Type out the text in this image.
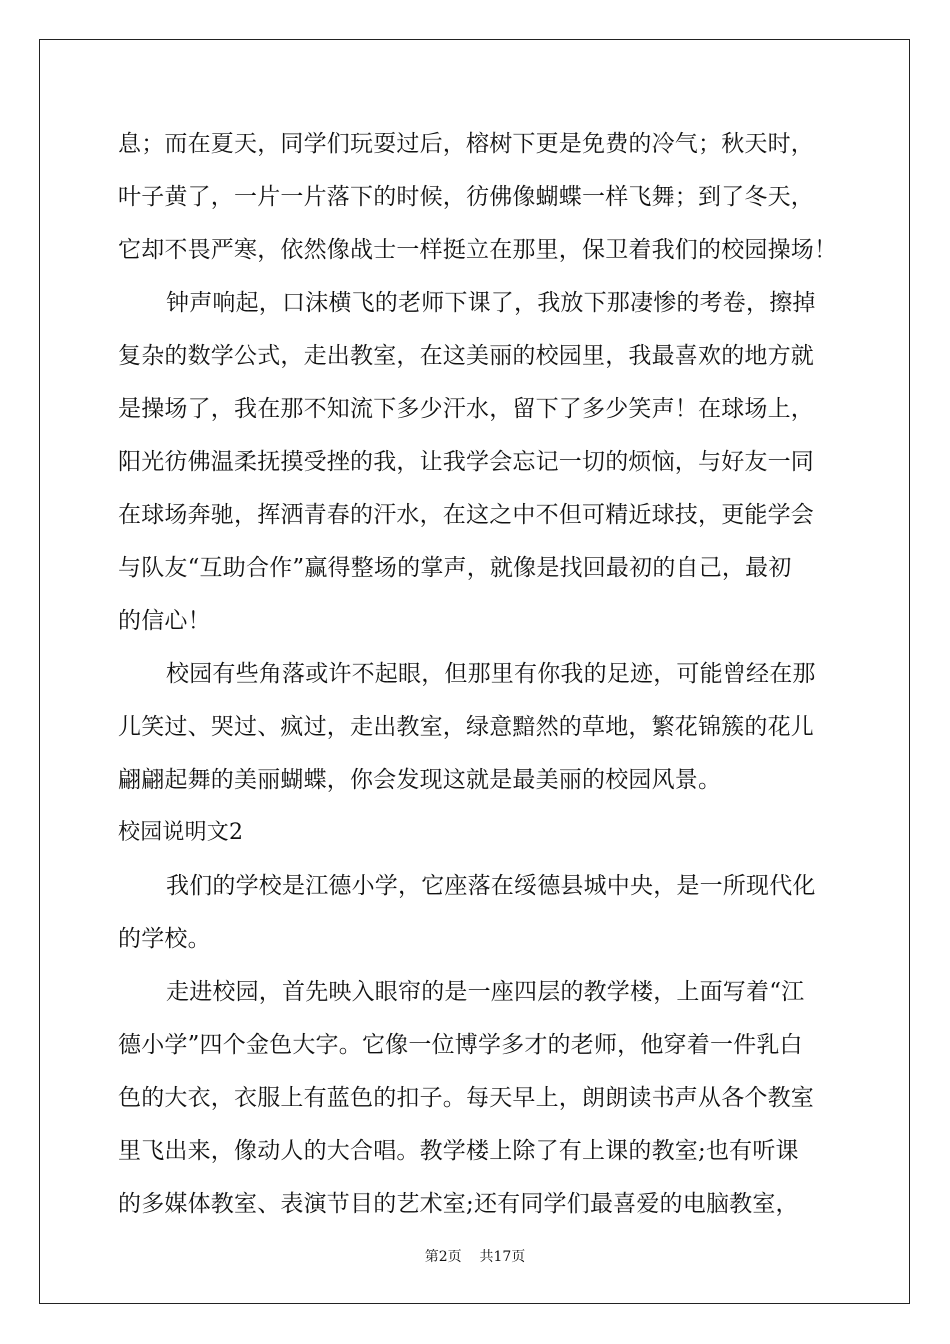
息；而在夏天，同学们玩耍过后，榕树下更是免费的冷气；秋天时，
叶子黄了，一片一片落下的时候，彷佛像蝴蝶一样飞舞；到了冬天，
它却不畏严寒，依然像战士一样挺立在那里，保卫着我们的校园操场！
钟声响起，口沫横飞的老师下课了，我放下那凄惨的考卷，擦掉
复杂的数学公式，走出教室，在这美丽的校园里，我最喜欢的地方就
是操场了，我在那不知流下多少汗水，留下了多少笑声！在球场上，
阳光彷佛温柔抚摸受挫的我，让我学会忘记一切的烦恼，与好友一同
在球场奔驰，挥洒青春的汗水，在这之中不但可精近球技，更能学会
与队友“互助合作”赢得整场的掌声，就像是找回最初的自己，最初
的信心！
校园有些角落或许不起眼，但那里有你我的足迹，可能曾经在那
儿笑过、哭过、疯过，走出教室，绿意黯然的草地，繁花锦簇的花儿
翩翩起舞的美丽蝴蝶，你会发现这就是最美丽的校园风景。
校园说明文2
我们的学校是江德小学，它座落在绥德县城中央，是一所现代化
的学校。
走进校园，首先映入眼帘的是一座四层的教学楼，上面写着“江
德小学”四个金色大字。它像一位博学多才的老师，他穿着一件乳白
色的大衣，衣服上有蓝色的扣子。每天早上，朗朗读书声从各个教室
里飞出来，像动人的大合唱。教学楼上除了有上课的教室;也有听课
的多媒体教室、表演节目的艺术室;还有同学们最喜爱的电脑教室，
第2页 共17页
